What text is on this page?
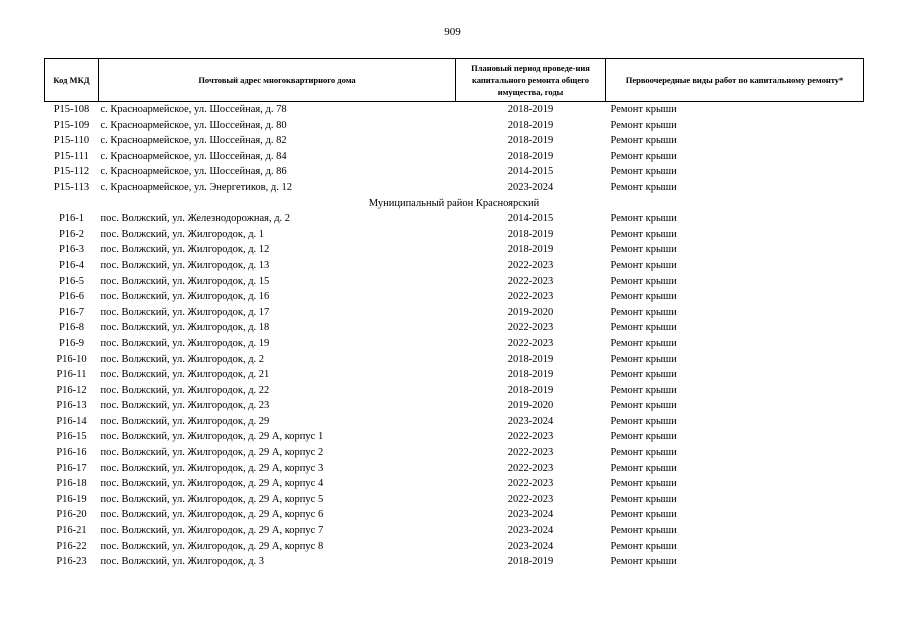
909
Код МКД	Почтовый адрес многоквартирного дома	Плановый период проведе-ния капитального ремонта общего имущества, годы	Первоочередные виды работ по капитальному ремонту*
Р15-108	с. Красноармейское, ул. Шоссейная, д. 78	2018-2019	Ремонт крыши
Р15-109	с. Красноармейское, ул. Шоссейная, д. 80	2018-2019	Ремонт крыши
Р15-110	с. Красноармейское, ул. Шоссейная, д. 82	2018-2019	Ремонт крыши
Р15-111	с. Красноармейское, ул. Шоссейная, д. 84	2018-2019	Ремонт крыши
Р15-112	с. Красноармейское, ул. Шоссейная, д. 86	2014-2015	Ремонт крыши
Р15-113	с. Красноармейское, ул. Энергетиков, д. 12	2023-2024	Ремонт крыши
Муниципальный район Красноярский			
Р16-1	пос. Волжский, ул. Железнодорожная, д. 2	2014-2015	Ремонт крыши
Р16-2	пос. Волжский, ул. Жилгородок, д. 1	2018-2019	Ремонт крыши
Р16-3	пос. Волжский, ул. Жилгородок, д. 12	2018-2019	Ремонт крыши
Р16-4	пос. Волжский, ул. Жилгородок, д. 13	2022-2023	Ремонт крыши
Р16-5	пос. Волжский, ул. Жилгородок, д. 15	2022-2023	Ремонт крыши
Р16-6	пос. Волжский, ул. Жилгородок, д. 16	2022-2023	Ремонт крыши
Р16-7	пос. Волжский, ул. Жилгородок, д. 17	2019-2020	Ремонт крыши
Р16-8	пос. Волжский, ул. Жилгородок, д. 18	2022-2023	Ремонт крыши
Р16-9	пос. Волжский, ул. Жилгородок, д. 19	2022-2023	Ремонт крыши
Р16-10	пос. Волжский, ул. Жилгородок, д. 2	2018-2019	Ремонт крыши
Р16-11	пос. Волжский, ул. Жилгородок, д. 21	2018-2019	Ремонт крыши
Р16-12	пос. Волжский, ул. Жилгородок, д. 22	2018-2019	Ремонт крыши
Р16-13	пос. Волжский, ул. Жилгородок, д. 23	2019-2020	Ремонт крыши
Р16-14	пос. Волжский, ул. Жилгородок, д. 29	2023-2024	Ремонт крыши
Р16-15	пос. Волжский, ул. Жилгородок, д. 29 А, корпус 1	2022-2023	Ремонт крыши
Р16-16	пос. Волжский, ул. Жилгородок, д. 29 А, корпус 2	2022-2023	Ремонт крыши
Р16-17	пос. Волжский, ул. Жилгородок, д. 29 А, корпус 3	2022-2023	Ремонт крыши
Р16-18	пос. Волжский, ул. Жилгородок, д. 29 А, корпус 4	2022-2023	Ремонт крыши
Р16-19	пос. Волжский, ул. Жилгородок, д. 29 А, корпус 5	2022-2023	Ремонт крыши
Р16-20	пос. Волжский, ул. Жилгородок, д. 29 А, корпус 6	2023-2024	Ремонт крыши
Р16-21	пос. Волжский, ул. Жилгородок, д. 29 А, корпус 7	2023-2024	Ремонт крыши
Р16-22	пос. Волжский, ул. Жилгородок, д. 29 А, корпус 8	2023-2024	Ремонт крыши
Р16-23	пос. Волжский, ул. Жилгородок, д. 3	2018-2019	Ремонт крыши
